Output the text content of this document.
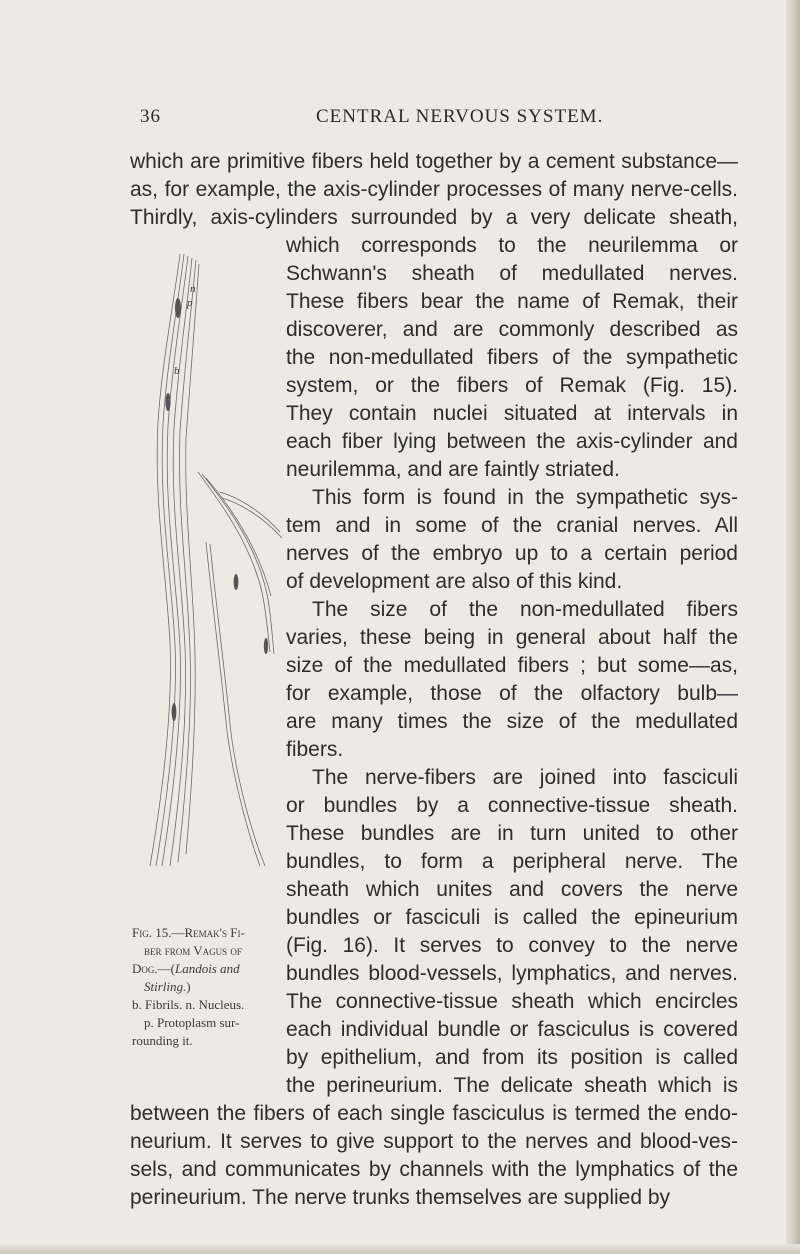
36	CENTRAL NERVOUS SYSTEM.
which are primitive fibers held together by a cement substance—
as, for example, the axis-cylinder processes of many nerve-cells.
Thirdly, axis-cylinders surrounded by a very delicate sheath,
which corresponds to the neurilemma or
Schwann's sheath of medullated nerves.
These fibers bear the name of Remak, their
discoverer, and are commonly described as
the non-medullated fibers of the sympathetic
system, or the fibers of Remak (Fig. 15).
They contain nuclei situated at intervals in
each fiber lying between the axis-cylinder and
neurilemma, and are faintly striated.
This form is found in the sympathetic sys-
tem and in some of the cranial nerves. All
nerves of the embryo up to a certain period
of development are also of this kind.
The size of the non-medullated fibers
varies, these being in general about half the
size of the medullated fibers ; but some—as,
for example, those of the olfactory bulb—
are many times the size of the medullated
fibers.
The nerve-fibers are joined into fasciculi
or bundles by a connective-tissue sheath.
These bundles are in turn united to other
bundles, to form a peripheral nerve. The
sheath which unites and covers the nerve
bundles or fasciculi is called the epineurium
(Fig. 16). It serves to convey to the nerve
bundles blood-vessels, lymphatics, and nerves.
The connective-tissue sheath which encircles
each individual bundle or fasciculus is covered
by epithelium, and from its position is called
the perineurium. The delicate sheath which is
between the fibers of each single fasciculus is termed the endo-
neurium. It serves to give support to the nerves and blood-ves-
sels, and communicates by channels with the lymphatics of the
perineurium. The nerve trunks themselves are supplied by
n
p
b
Fig. 15.—Remak's Fi-
ber from Vagus of
Dog.—(Landois and
Stirling.)
b. Fibrils. n. Nucleus.
p. Protoplasm sur-
rounding it.
